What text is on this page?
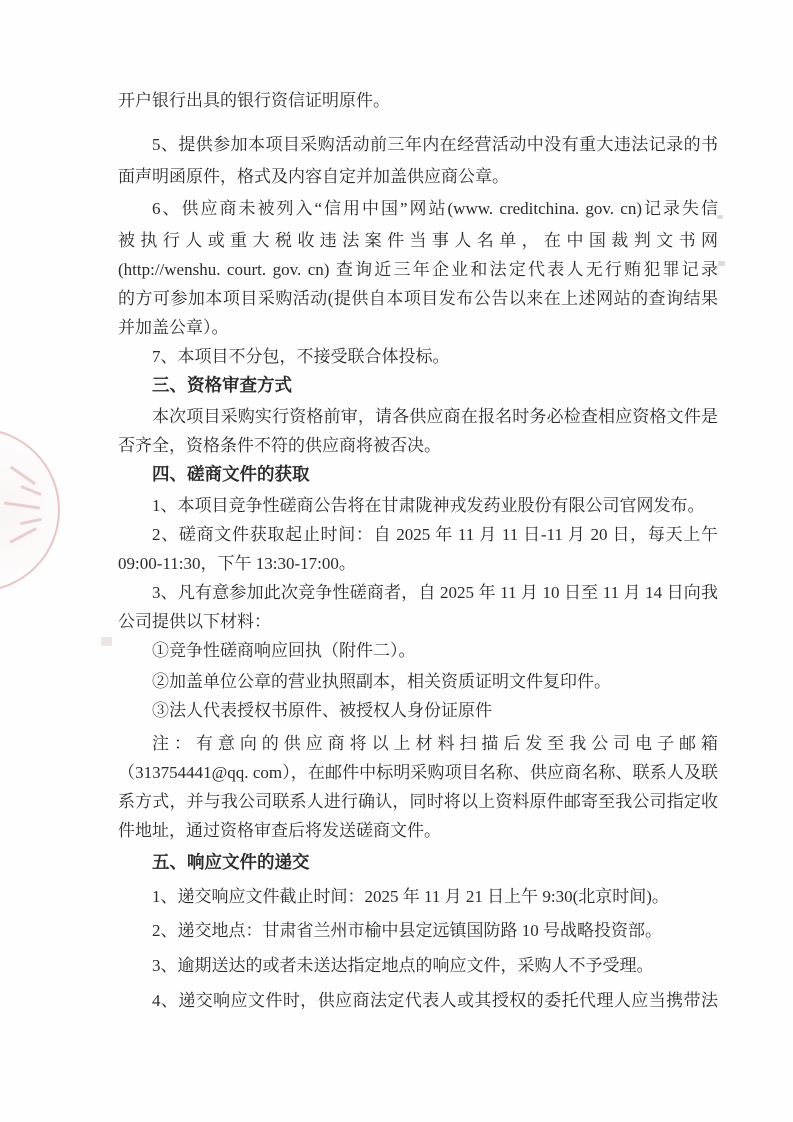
开户银行出具的银行资信证明原件。
5、提供参加本项目采购活动前三年内在经营活动中没有重大违法记录的书
面声明函原件，格式及内容自定并加盖供应商公章。
6、供应商未被列入“信用中国”网站(www. creditchina. gov. cn)记录失信
被执行人或重大税收违法案件当事人名单，在中国裁判文书网
(http://wenshu. court. gov. cn) 查询近三年企业和法定代表人无行贿犯罪记录
的方可参加本项目采购活动(提供自本项目发布公告以来在上述网站的查询结果
并加盖公章）。
7、本项目不分包，不接受联合体投标。
三、资格审查方式
本次项目采购实行资格前审，请各供应商在报名时务必检查相应资格文件是
否齐全，资格条件不符的供应商将被否决。
四、磋商文件的获取
1、本项目竞争性磋商公告将在甘肃陇神戎发药业股份有限公司官网发布。
2、磋商文件获取起止时间：自 2025 年 11 月 11 日-11 月 20 日，每天上午
09:00-11:30，下午 13:30-17:00。
3、凡有意参加此次竞争性磋商者，自 2025 年 11 月 10 日至 11 月 14 日向我
公司提供以下材料：
①竞争性磋商响应回执（附件二）。
②加盖单位公章的营业执照副本，相关资质证明文件复印件。
③法人代表授权书原件、被授权人身份证原件
注：有意向的供应商将以上材料扫描后发至我公司电子邮箱
（313754441@qq. com），在邮件中标明采购项目名称、供应商名称、联系人及联
系方式，并与我公司联系人进行确认，同时将以上资料原件邮寄至我公司指定收
件地址，通过资格审查后将发送磋商文件。
五、响应文件的递交
1、递交响应文件截止时间：2025 年 11 月 21 日上午 9:30(北京时间)。
2、递交地点：甘肃省兰州市榆中县定远镇国防路 10 号战略投资部。
3、逾期送达的或者未送达指定地点的响应文件，采购人不予受理。
4、递交响应文件时，供应商法定代表人或其授权的委托代理人应当携带法
